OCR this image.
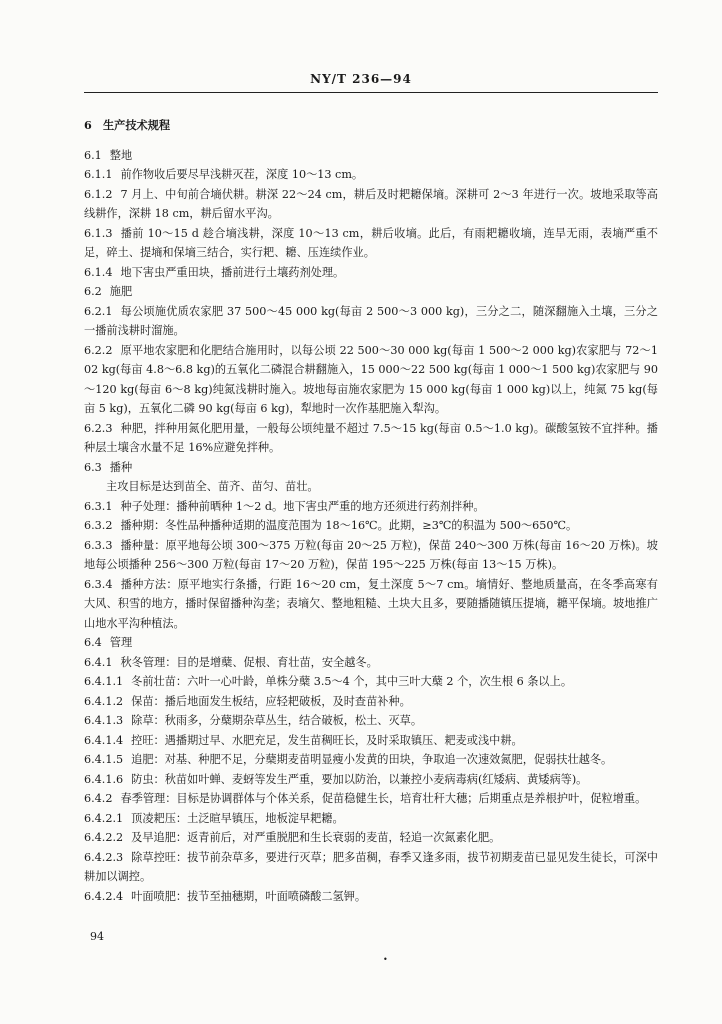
NY/T 236—94
6　生产技术规程
6.1 整地
6.1.1 前作物收后要尽早浅耕灭茬，深度 10～13 cm。
6.1.2 7 月上、中旬前合墒伏耕。耕深 22～24 cm，耕后及时耙耱保墒。深耕可 2～3 年进行一次。坡地采取等高线耕作，深耕 18 cm，耕后留水平沟。
6.1.3 播前 10～15 d 趁合墒浅耕，深度 10～13 cm，耕后收墒。此后，有雨耙耱收墒，连旱无雨，表墒严重不足，碎土、提墒和保墒三结合，实行耙、耱、压连续作业。
6.1.4 地下害虫严重田块，播前进行土壤药剂处理。
6.2 施肥
6.2.1 每公顷施优质农家肥 37 500～45 000 kg(每亩 2 500～3 000 kg)，三分之二，随深翻施入土壤，三分之一播前浅耕时溜施。
6.2.2 原平地农家肥和化肥结合施用时，以每公顷 22 500～30 000 kg(每亩 1 500～2 000 kg)农家肥与 72～102 kg(每亩 4.8～6.8 kg)的五氧化二磷混合耕翻施入，15 000～22 500 kg(每亩 1 000～1 500 kg)农家肥与 90～120 kg(每亩 6～8 kg)纯氮浅耕时施入。坡地每亩施农家肥为 15 000 kg(每亩 1 000 kg)以上，纯氮 75 kg(每亩 5 kg)，五氧化二磷 90 kg(每亩 6 kg)，犁地时一次作基肥施入犁沟。
6.2.3 种肥，拌种用氮化肥用量，一般每公顷纯量不超过 7.5～15 kg(每亩 0.5～1.0 kg)。碳酸氢铵不宜拌种。播种层土壤含水量不足 16%应避免拌种。
6.3 播种
主攻目标是达到苗全、苗齐、苗匀、苗壮。
6.3.1 种子处理：播种前晒种 1～2 d。地下害虫严重的地方还须进行药剂拌种。
6.3.2 播种期：冬性品种播种适期的温度范围为 18～16℃。此期，≥3℃的积温为 500～650℃。
6.3.3 播种量：原平地每公顷 300～375 万粒(每亩 20～25 万粒)，保苗 240～300 万株(每亩 16～20 万株)。坡地每公顷播种 256～300 万粒(每亩 17～20 万粒)，保苗 195～225 万株(每亩 13～15 万株)。
6.3.4 播种方法：原平地实行条播，行距 16～20 cm，复土深度 5～7 cm。墒情好、整地质量高，在冬季高寒有大风、积雪的地方，播时保留播种沟垄；表墒欠、整地粗糙、土块大且多，要随播随镇压提墒，耱平保墒。坡地推广山地水平沟种植法。
6.4 管理
6.4.1 秋冬管理：目的是增蘖、促根、育壮苗，安全越冬。
6.4.1.1 冬前壮苗：六叶一心叶龄，单株分蘖 3.5～4 个，其中三叶大蘖 2 个，次生根 6 条以上。
6.4.1.2 保苗：播后地面发生板结，应轻耙破板，及时查苗补种。
6.4.1.3 除草：秋雨多，分蘖期杂草丛生，结合破板，松土、灭草。
6.4.1.4 控旺：遇播期过早、水肥充足，发生苗稠旺长，及时采取镇压、耙麦或浅中耕。
6.4.1.5 追肥：对基、种肥不足，分蘖期麦苗明显瘦小发黄的田块，争取追一次速效氮肥，促弱扶壮越冬。
6.4.1.6 防虫：秋苗如叶蝉、麦蚜等发生严重，要加以防治，以兼控小麦病毒病(红矮病、黄矮病等)。
6.4.2 春季管理：目标是协调群体与个体关系，促苗稳健生长，培育壮秆大穗；后期重点是养根护叶，促粒增重。
6.4.2.1 顶凌耙压：土泛暄早镇压，地板淀早耙耱。
6.4.2.2 及早追肥：返青前后，对严重脱肥和生长衰弱的麦苗，轻追一次氮素化肥。
6.4.2.3 除草控旺：拔节前杂草多，要进行灭草；肥多苗稠，春季又逢多雨，拔节初期麦苗已显见发生徒长，可深中耕加以调控。
6.4.2.4 叶面喷肥：拔节至抽穗期，叶面喷磷酸二氢钾。
94
•
